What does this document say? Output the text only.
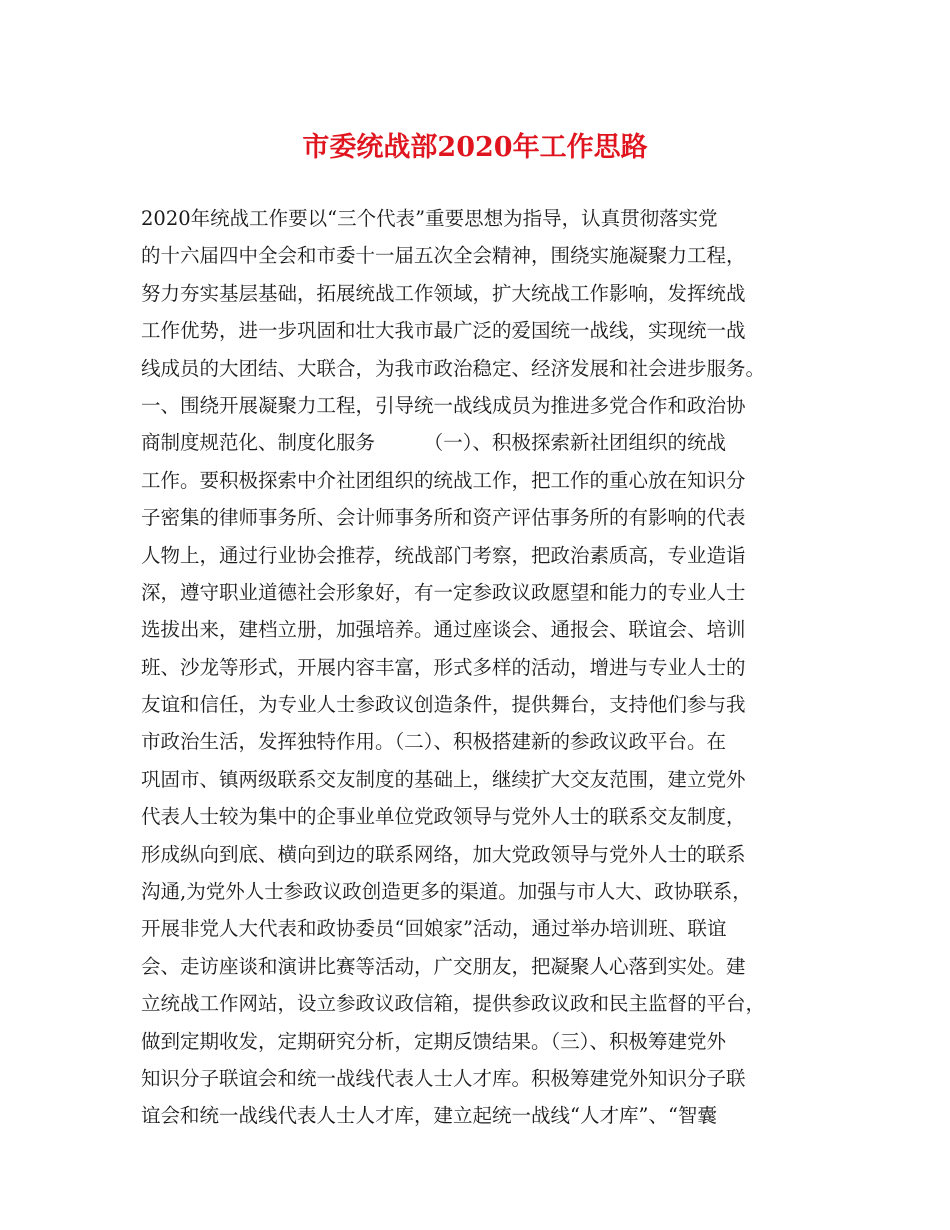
市委统战部2020年工作思路
2020年统战工作要以“三个代表”重要思想为指导，认真贯彻落实党
的十六届四中全会和市委十一届五次全会精神，围绕实施凝聚力工程，
努力夯实基层基础，拓展统战工作领域，扩大统战工作影响，发挥统战
工作优势，进一步巩固和壮大我市最广泛的爱国统一战线，实现统一战
线成员的大团结、大联合，为我市政治稳定、经济发展和社会进步服务。
一、围绕开展凝聚力工程，引导统一战线成员为推进多党合作和政治协
商制度规范化、制度化服务　　　（一）、积极探索新社团组织的统战
工作。要积极探索中介社团组织的统战工作，把工作的重心放在知识分
子密集的律师事务所、会计师事务所和资产评估事务所的有影响的代表
人物上，通过行业协会推荐，统战部门考察，把政治素质高，专业造诣
深，遵守职业道德社会形象好，有一定参政议政愿望和能力的专业人士
选拔出来，建档立册，加强培养。通过座谈会、通报会、联谊会、培训
班、沙龙等形式，开展内容丰富，形式多样的活动，增进与专业人士的
友谊和信任，为专业人士参政议创造条件，提供舞台，支持他们参与我
市政治生活，发挥独特作用。（二）、积极搭建新的参政议政平台。在
巩固市、镇两级联系交友制度的基础上，继续扩大交友范围，建立党外
代表人士较为集中的企事业单位党政领导与党外人士的联系交友制度，
形成纵向到底、横向到边的联系网络，加大党政领导与党外人士的联系
沟通,为党外人士参政议政创造更多的渠道。加强与市人大、政协联系，
开展非党人大代表和政协委员“回娘家”活动，通过举办培训班、联谊
会、走访座谈和演讲比赛等活动，广交朋友，把凝聚人心落到实处。建
立统战工作网站，设立参政议政信箱，提供参政议政和民主监督的平台，
做到定期收发，定期研究分析，定期反馈结果。（三）、积极筹建党外
知识分子联谊会和统一战线代表人士人才库。积极筹建党外知识分子联
谊会和统一战线代表人士人才库，建立起统一战线“人才库”、“智囊
